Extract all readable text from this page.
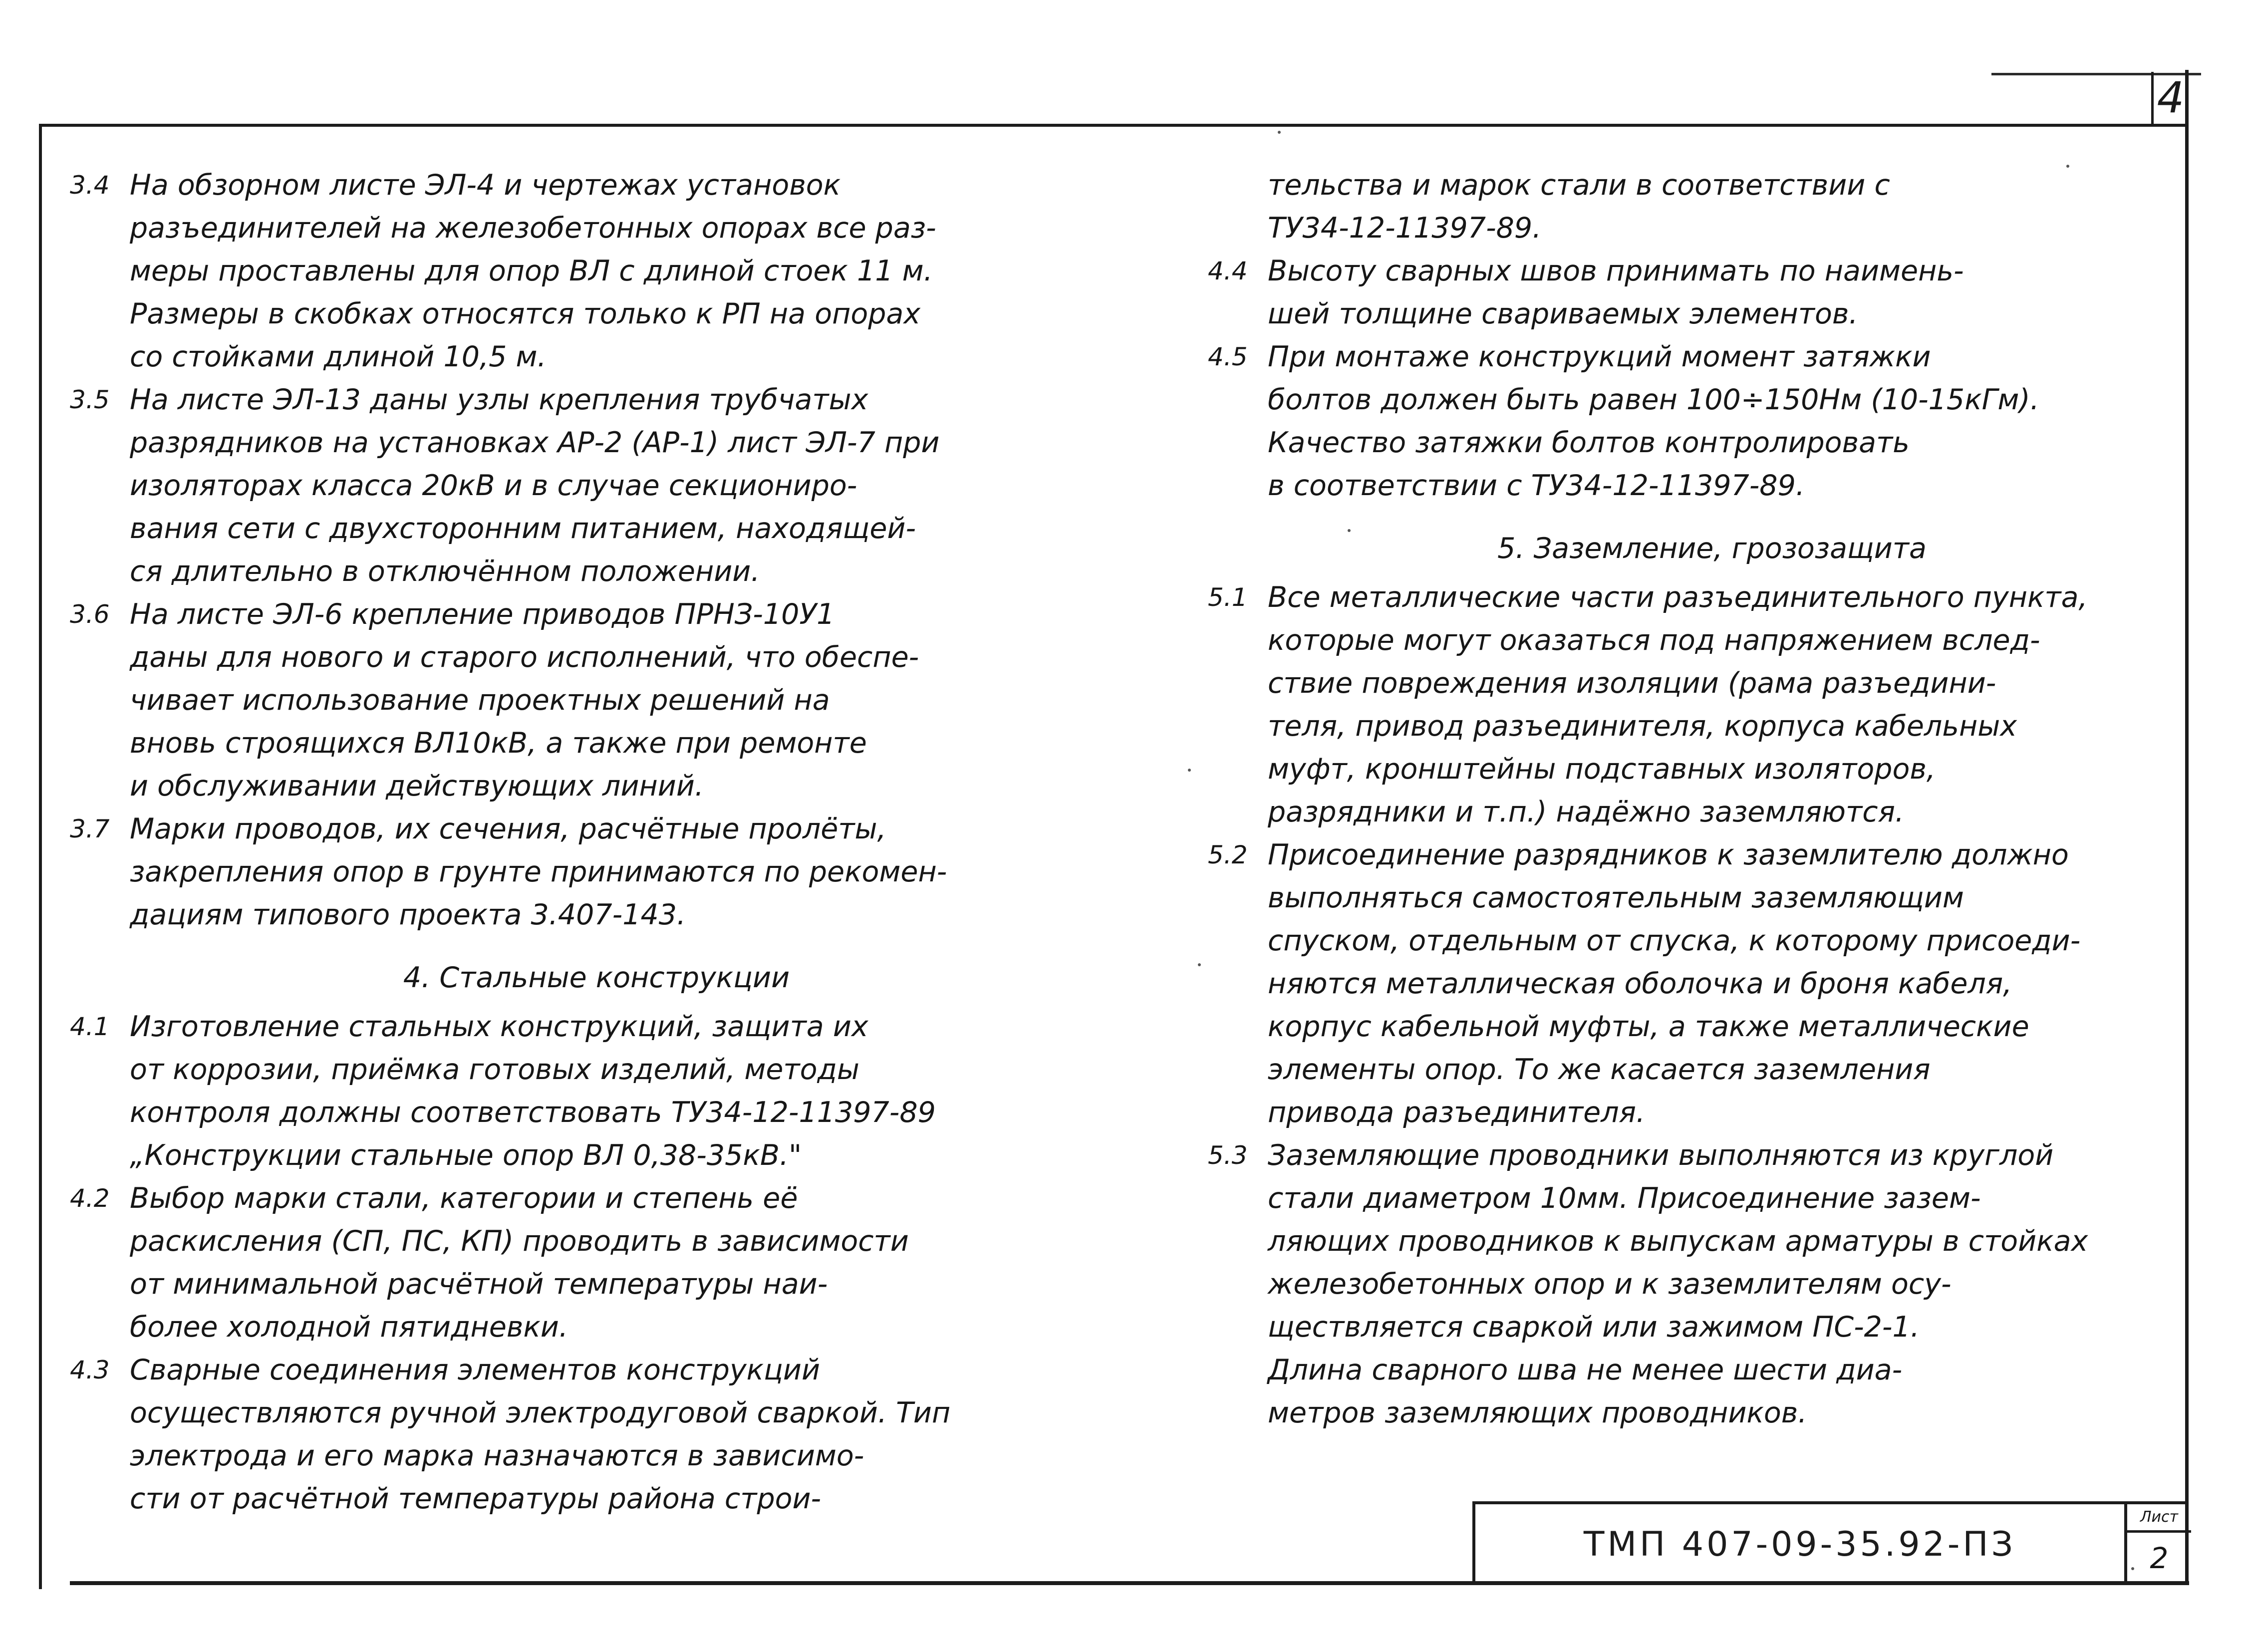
4
3.4 На обзорном листе ЭЛ-4 и чертежах установок
разъединителей на железобетонных опорах все раз-
меры проставлены для опор ВЛ с длиной стоек 11 м.
Размеры в скобках относятся только к РП на опорах
со стойками длиной 10,5 м.
3.5 На листе ЭЛ-13 даны узлы крепления трубчатых
разрядников на установках АР-2 (АР-1) лист ЭЛ-7 при
изоляторах класса 20кВ и в случае секциониро-
вания сети с двухсторонним питанием, находящей-
ся длительно в отключённом положении.
3.6 На листе ЭЛ-6 крепление приводов ПРНЗ-10У1
даны для нового и старого исполнений, что обеспе-
чивает использование проектных решений на
вновь строящихся ВЛ10кВ, а также при ремонте
и обслуживании действующих линий.
3.7 Марки проводов, их сечения, расчётные пролёты,
закрепления опор в грунте принимаются по рекомен-
дациям типового проекта 3.407-143.
4. Стальные конструкции
4.1 Изготовление стальных конструкций, защита их
от коррозии, приёмка готовых изделий, методы
контроля должны соответствовать ТУ34-12-11397-89
„Конструкции стальные опор ВЛ 0,38-35кВ."
4.2 Выбор марки стали, категории и степень её
раскисления (СП, ПС, КП) проводить в зависимости
от минимальной расчётной температуры наи-
более холодной пятидневки.
4.3 Сварные соединения элементов конструкций
осуществляются ручной электродуговой сваркой. Тип
электрода и его марка назначаются в зависимо-
сти от расчётной температуры района строи-
тельства и марок стали в соответствии с
ТУ34-12-11397-89.
4.4 Высоту сварных швов принимать по наимень-
шей толщине свариваемых элементов.
4.5 При монтаже конструкций момент затяжки
болтов должен быть равен 100÷150Нм (10-15кГм).
Качество затяжки болтов контролировать
в соответствии с ТУ34-12-11397-89.
5. Заземление, грозозащита
5.1 Все металлические части разъединительного пункта,
которые могут оказаться под напряжением вслед-
ствие повреждения изоляции (рама разъедини-
теля, привод разъединителя, корпуса кабельных
муфт, кронштейны подставных изоляторов,
разрядники и т.п.) надёжно заземляются.
5.2 Присоединение разрядников к заземлителю должно
выполняться самостоятельным заземляющим
спуском, отдельным от спуска, к которому присоеди-
няются металлическая оболочка и броня кабеля,
корпус кабельной муфты, а также металлические
элементы опор. То же касается заземления
привода разъединителя.
5.3 Заземляющие проводники выполняются из круглой
стали диаметром 10мм. Присоединение зазем-
ляющих проводников к выпускам арматуры в стойках
железобетонных опор и к заземлителям осу-
ществляется сваркой или зажимом ПС-2-1.
Длина сварного шва не менее шести диа-
метров заземляющих проводников.
ТМП 407-09-35.92-ПЗ
Лист
2
